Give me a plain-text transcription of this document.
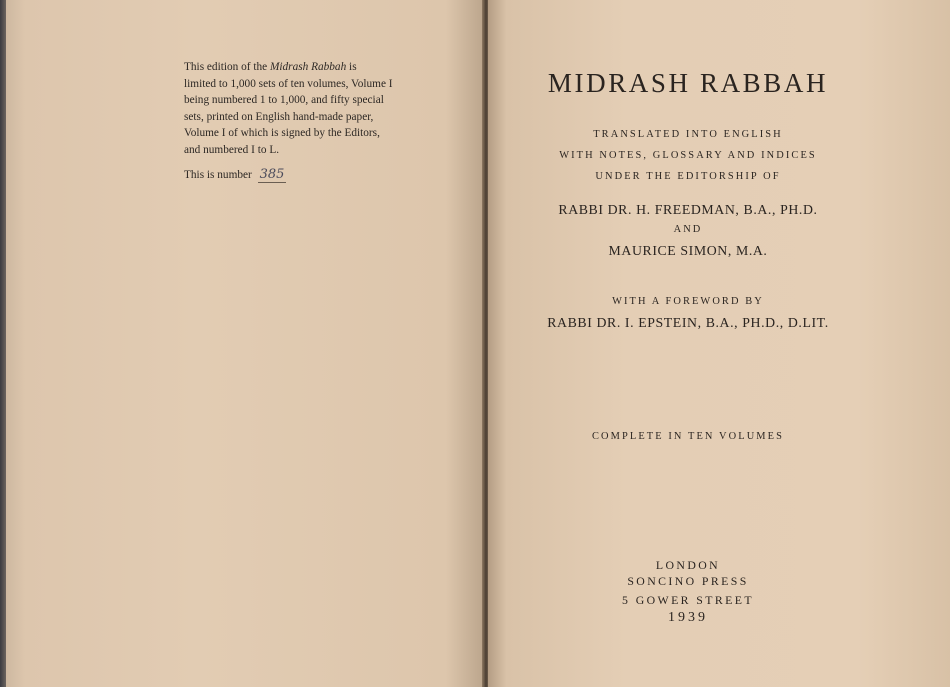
This edition of the Midrash Rabbah is

limited to 1,000 sets of ten volumes, Volume I

being numbered 1 to 1,000, and fifty special

sets, printed on English hand-made paper,

Volume I of which is signed by the Editors,

and numbered I to L.

This is number 385
MIDRASH RABBAH
TRANSLATED INTO ENGLISH
WITH NOTES, GLOSSARY AND INDICES
UNDER THE EDITORSHIP OF
RABBI DR. H. FREEDMAN, B.A., PH.D.
AND
MAURICE SIMON, M.A.
WITH A FOREWORD BY
RABBI DR. I. EPSTEIN, B.A., PH.D., D.LIT.
COMPLETE IN TEN VOLUMES
LONDON
SONCINO PRESS
5 GOWER STREET
1939
